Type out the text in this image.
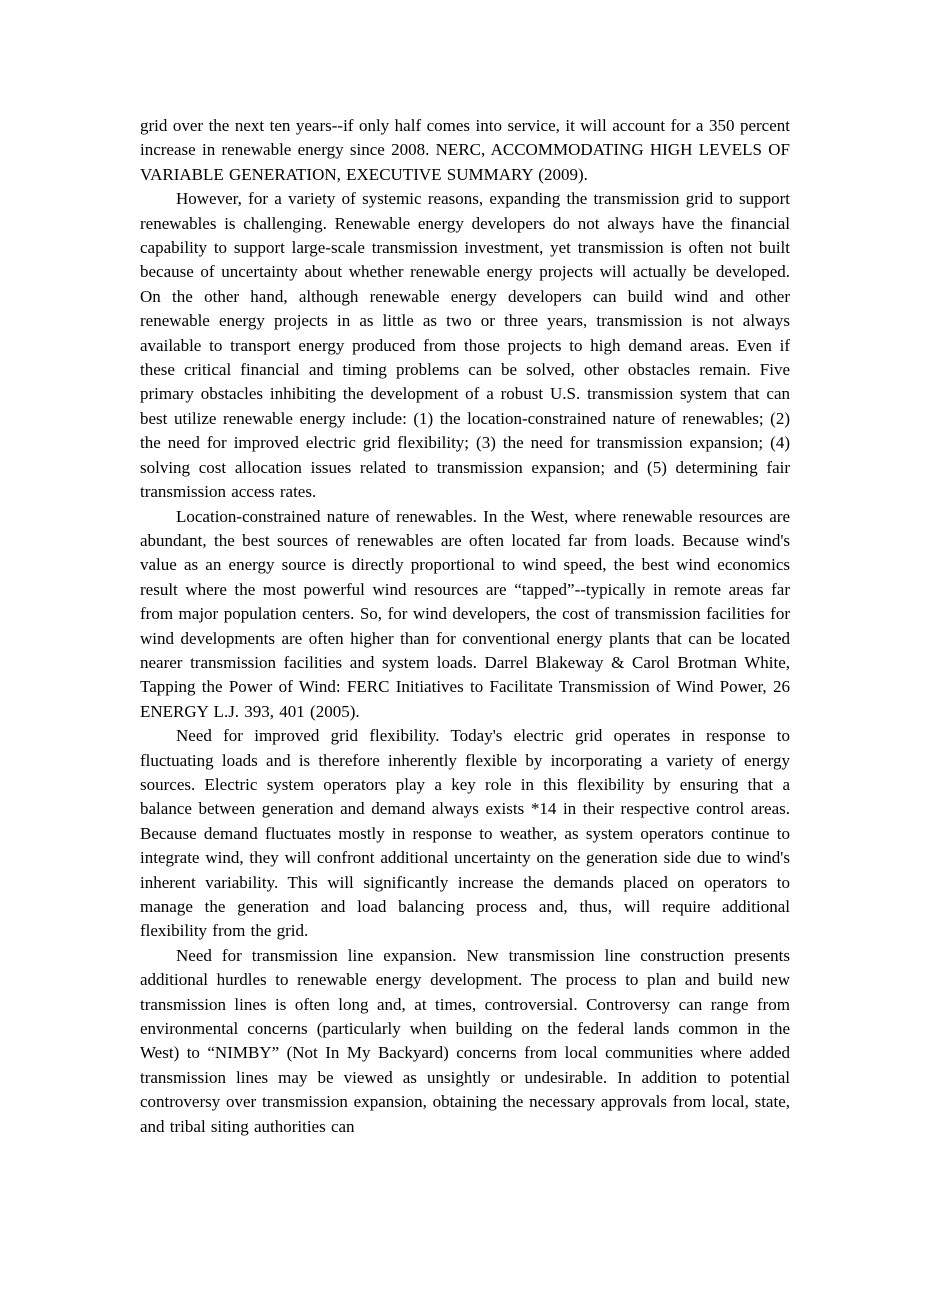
grid over the next ten years--if only half comes into service, it will account for a 350 percent increase in renewable energy since 2008. NERC, ACCOMMODATING HIGH LEVELS OF VARIABLE GENERATION, EXECUTIVE SUMMARY (2009).

However, for a variety of systemic reasons, expanding the transmission grid to support renewables is challenging. Renewable energy developers do not always have the financial capability to support large-scale transmission investment, yet transmission is often not built because of uncertainty about whether renewable energy projects will actually be developed. On the other hand, although renewable energy developers can build wind and other renewable energy projects in as little as two or three years, transmission is not always available to transport energy produced from those projects to high demand areas. Even if these critical financial and timing problems can be solved, other obstacles remain. Five primary obstacles inhibiting the development of a robust U.S. transmission system that can best utilize renewable energy include: (1) the location-constrained nature of renewables; (2) the need for improved electric grid flexibility; (3) the need for transmission expansion; (4) solving cost allocation issues related to transmission expansion; and (5) determining fair transmission access rates.

Location-constrained nature of renewables. In the West, where renewable resources are abundant, the best sources of renewables are often located far from loads. Because wind's value as an energy source is directly proportional to wind speed, the best wind economics result where the most powerful wind resources are “tapped”--typically in remote areas far from major population centers. So, for wind developers, the cost of transmission facilities for wind developments are often higher than for conventional energy plants that can be located nearer transmission facilities and system loads. Darrel Blakeway & Carol Brotman White, Tapping the Power of Wind: FERC Initiatives to Facilitate Transmission of Wind Power, 26 ENERGY L.J. 393, 401 (2005).

Need for improved grid flexibility. Today's electric grid operates in response to fluctuating loads and is therefore inherently flexible by incorporating a variety of energy sources. Electric system operators play a key role in this flexibility by ensuring that a balance between generation and demand always exists *14 in their respective control areas. Because demand fluctuates mostly in response to weather, as system operators continue to integrate wind, they will confront additional uncertainty on the generation side due to wind's inherent variability. This will significantly increase the demands placed on operators to manage the generation and load balancing process and, thus, will require additional flexibility from the grid.

Need for transmission line expansion. New transmission line construction presents additional hurdles to renewable energy development. The process to plan and build new transmission lines is often long and, at times, controversial. Controversy can range from environmental concerns (particularly when building on the federal lands common in the West) to “NIMBY” (Not In My Backyard) concerns from local communities where added transmission lines may be viewed as unsightly or undesirable. In addition to potential controversy over transmission expansion, obtaining the necessary approvals from local, state, and tribal siting authorities can
